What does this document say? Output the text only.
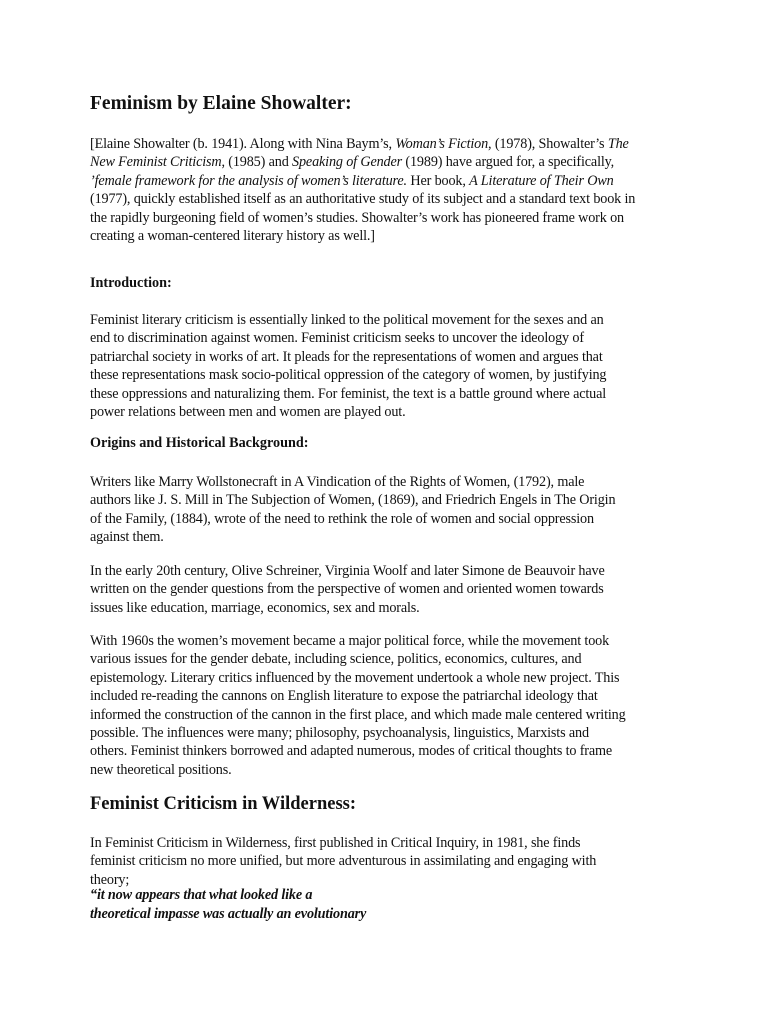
Feminism by Elaine Showalter:
[Elaine Showalter (b. 1941). Along with Nina Baym’s, Woman’s Fiction, (1978), Showalter’s The
New Feminist Criticism, (1985) and Speaking of Gender (1989) have argued for, a specifically,
’female framework for the analysis of women’s literature. Her book, A Literature of Their Own
(1977), quickly established itself as an authoritative study of its subject and a standard text book in
the rapidly burgeoning field of women’s studies. Showalter’s work has pioneered frame work on
creating a woman-centered literary history as well.]
Introduction:
Feminist literary criticism is essentially linked to the political movement for the sexes and an
end to discrimination against women. Feminist criticism seeks to uncover the ideology of
patriarchal society in works of art. It pleads for the representations of women and argues that
these representations mask socio-political oppression of the category of women, by justifying
these oppressions and naturalizing them. For feminist, the text is a battle ground where actual
power relations between men and women are played out.
Origins and Historical Background:
Writers like Marry Wollstonecraft in A Vindication of the Rights of Women, (1792), male
authors like J. S. Mill in The Subjection of Women, (1869), and Friedrich Engels in The Origin
of the Family, (1884), wrote of the need to rethink the role of women and social oppression
against them.
In the early 20th century, Olive Schreiner, Virginia Woolf and later Simone de Beauvoir have
written on the gender questions from the perspective of women and oriented women towards
issues like education, marriage, economics, sex and morals.
With 1960s the women’s movement became a major political force, while the movement took
various issues for the gender debate, including science, politics, economics, cultures, and
epistemology. Literary critics influenced by the movement undertook a whole new project. This
included re-reading the cannons on English literature to expose the patriarchal ideology that
informed the construction of the cannon in the first place, and which made male centered writing
possible. The influences were many; philosophy, psychoanalysis, linguistics, Marxists and
others. Feminist thinkers borrowed and adapted numerous, modes of critical thoughts to frame
new theoretical positions.
Feminist Criticism in Wilderness:
In Feminist Criticism in Wilderness, first published in Critical Inquiry, in 1981, she finds
feminist criticism no more unified, but more adventurous in assimilating and engaging with
theory;
“it now appears that what looked like a
theoretical impasse was actually an evolutionary
